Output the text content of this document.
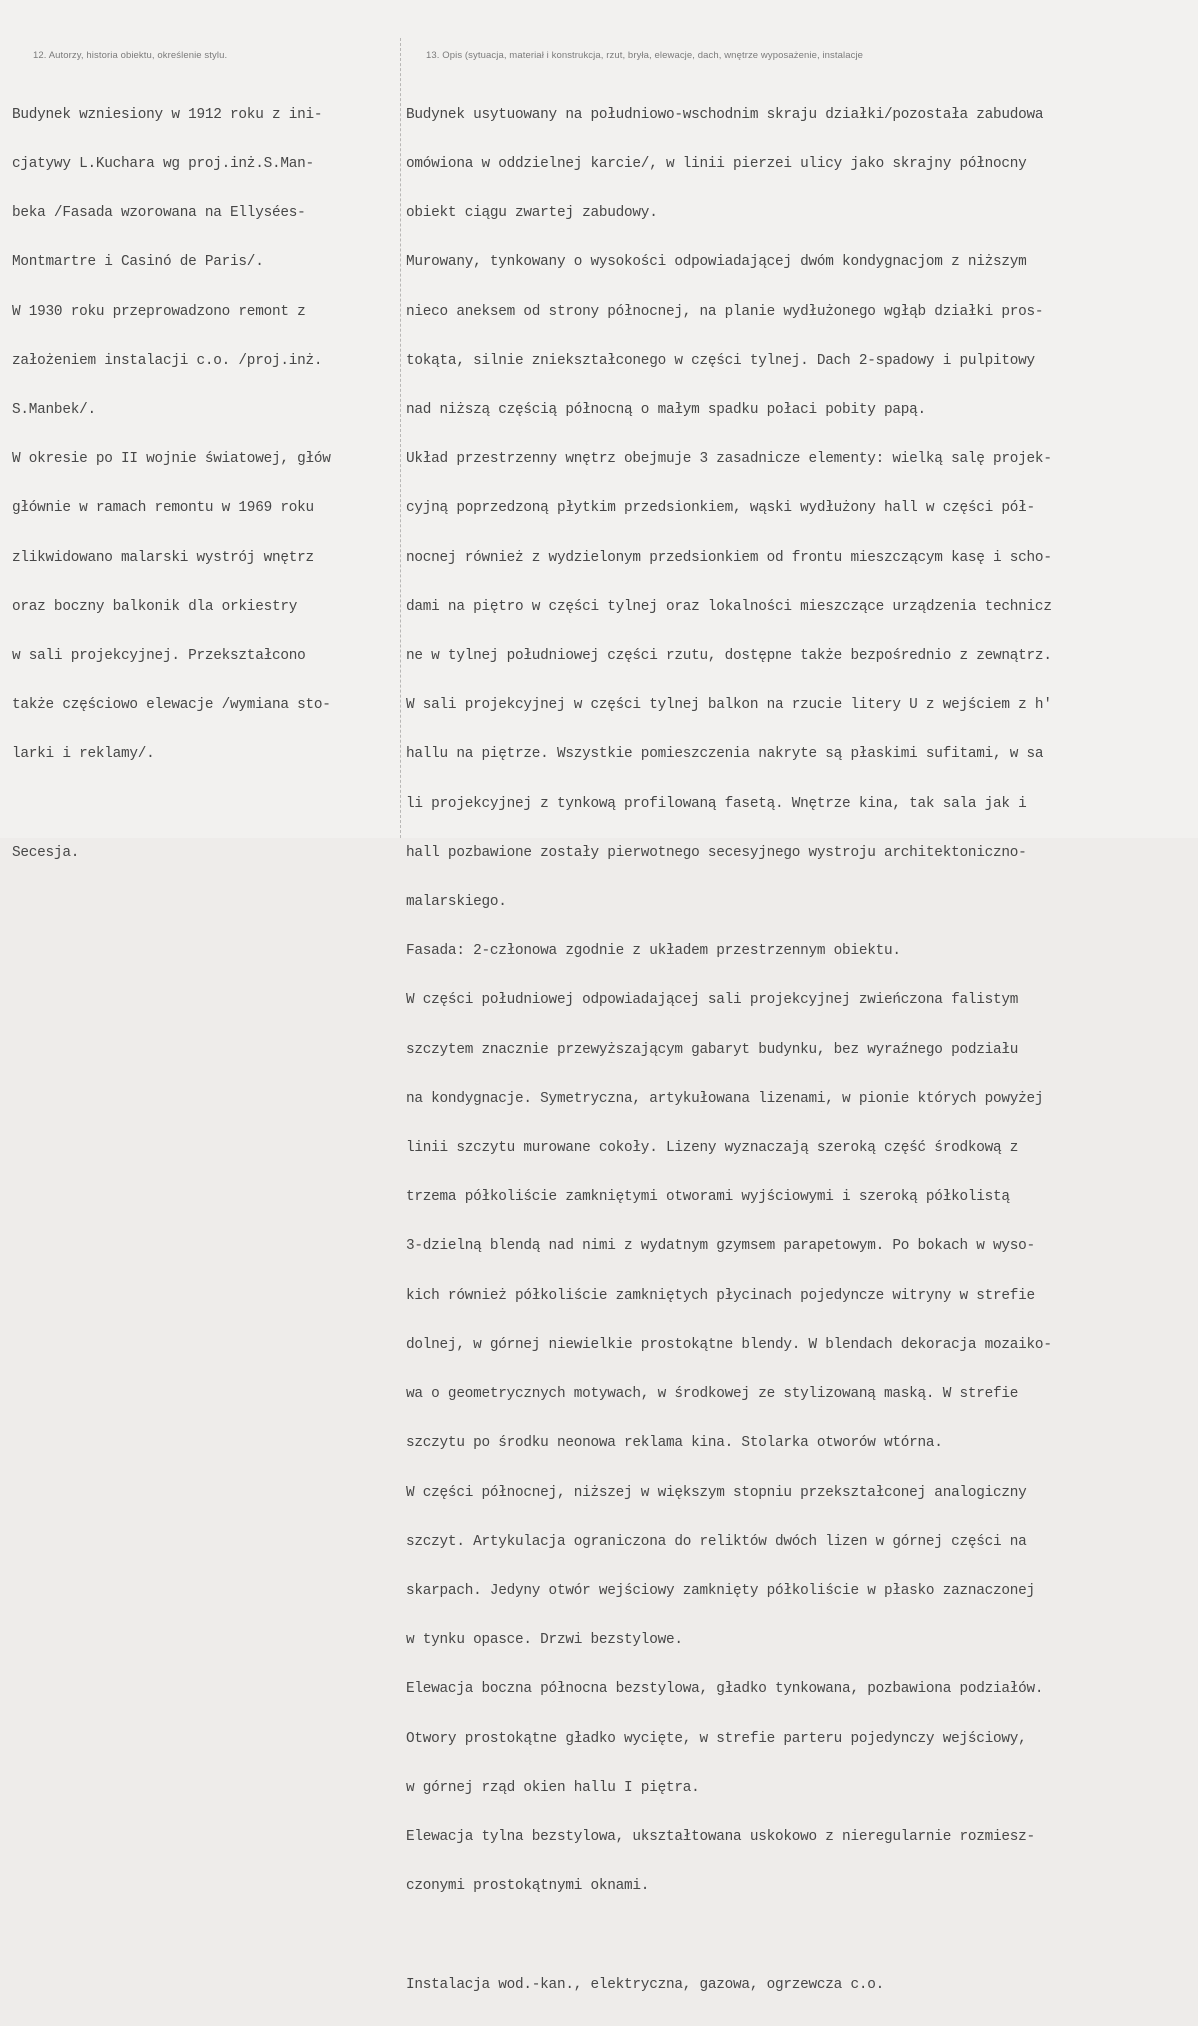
12. Autorzy, historia obiektu, określenie stylu.	13. Opis (sytuacja, materiał i konstrukcja, rzut, bryła, elewacje, dach, wnętrze wyposażenie, instalacje

Budynek wzniesiony w 1912 roku z ini-

cjatywy L.Kuchara wg proj.inż.S.Man-

beka /Fasada wzorowana na Ellysées-

Montmartre i Casinó de Paris/.

W 1930 roku przeprowadzono remont z

założeniem instalacji c.o. /proj.inż.

S.Manbek/.

W okresie po II wojnie światowej, głów

głównie w ramach remontu w 1969 roku

zlikwidowano malarski wystrój wnętrz

oraz boczny balkonik dla orkiestry

w sali projekcyjnej. Przekształcono

także częściowo elewacje /wymiana sto-

larki i reklamy/.

Secesja.

Budynek usytuowany na południowo-wschodnim skraju działki/pozostała zabudowa

omówiona w oddzielnej karcie/, w linii pierzei ulicy jako skrajny północny

obiekt ciągu zwartej zabudowy.

Murowany, tynkowany o wysokości odpowiadającej dwóm kondygnacjom z niższym

nieco aneksem od strony północnej, na planie wydłużonego wgłąb działki pros-

tokąta, silnie zniekształconego w części tylnej. Dach 2-spadowy i pulpitowy

nad niższą częścią północną o małym spadku połaci pobity papą.

Układ przestrzenny wnętrz obejmuje 3 zasadnicze elementy: wielką salę projek-

cyjną poprzedzoną płytkim przedsionkiem, wąski wydłużony hall w części pół-

nocnej również z wydzielonym przedsionkiem od frontu mieszczącym kasę i scho-

dami na piętro w części tylnej oraz lokalności mieszczące urządzenia technicz

ne w tylnej południowej części rzutu, dostępne także bezpośrednio z zewnątrz.

W sali projekcyjnej w części tylnej balkon na rzucie litery U z wejściem z h'

hallu na piętrze. Wszystkie pomieszczenia nakryte są płaskimi sufitami, w sa

li projekcyjnej z tynkową profilowaną fasetą. Wnętrze kina, tak sala jak i

hall pozbawione zostały pierwotnego secesyjnego wystroju architektoniczno-

malarskiego.

Fasada: 2-członowa zgodnie z układem przestrzennym obiektu.

W części południowej odpowiadającej sali projekcyjnej zwieńczona falistym

szczytem znacznie przewyższającym gabaryt budynku, bez wyraźnego podziału

na kondygnacje. Symetryczna, artykułowana lizenami, w pionie których powyżej

linii szczytu murowane cokoły. Lizeny wyznaczają szeroką część środkową z

trzema półkoliście zamkniętymi otworami wyjściowymi i szeroką półkolistą

3-dzielną blendą nad nimi z wydatnym gzymsem parapetowym. Po bokach w wyso-

kich również półkoliście zamkniętych płycinach pojedyncze witryny w strefie

dolnej, w górnej niewielkie prostokątne blendy. W blendach dekoracja mozaiko-

wa o geometrycznych motywach, w środkowej ze stylizowaną maską. W strefie

szczytu po środku neonowa reklama kina. Stolarka otworów wtórna.

W części północnej, niższej w większym stopniu przekształconej analogiczny

szczyt. Artykulacja ograniczona do reliktów dwóch lizen w górnej części na

skarpach. Jedyny otwór wejściowy zamknięty półkoliście w płasko zaznaczonej

w tynku opasce. Drzwi bezstylowe.

Elewacja boczna północna bezstylowa, gładko tynkowana, pozbawiona podziałów.

Otwory prostokątne gładko wycięte, w strefie parteru pojedynczy wejściowy,

w górnej rząd okien hallu I piętra.

Elewacja tylna bezstylowa, ukształtowana uskokowo z nieregularnie rozmiesz-

czonymi prostokątnymi oknami.

Instalacja wod.-kan., elektryczna, gazowa, ogrzewcza c.o.
